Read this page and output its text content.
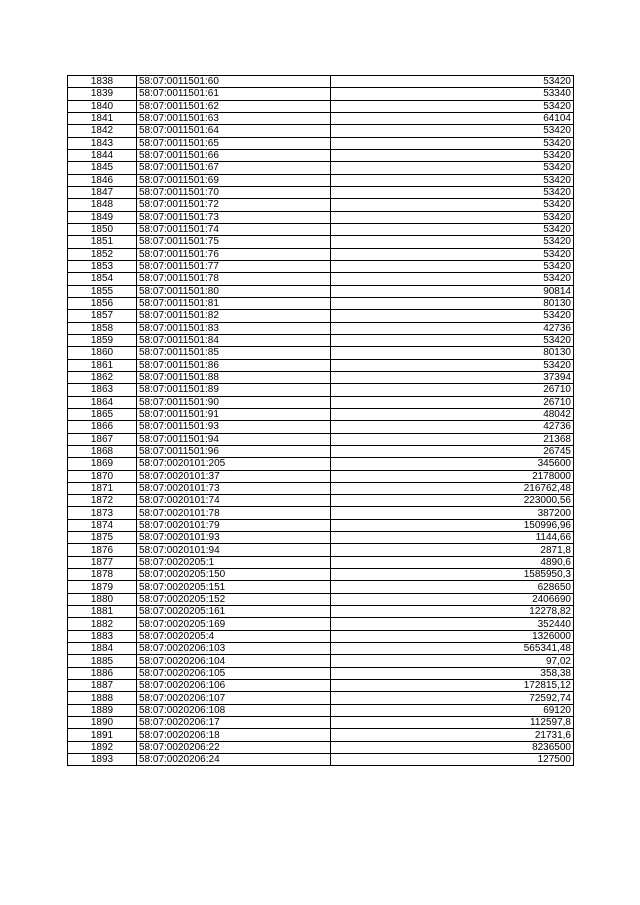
1838	58:07:0011501:60	53420
1839	58:07:0011501:61	53340
1840	58:07:0011501:62	53420
1841	58:07:0011501:63	64104
1842	58:07:0011501:64	53420
1843	58:07:0011501:65	53420
1844	58:07:0011501:66	53420
1845	58:07:0011501:67	53420
1846	58:07:0011501:69	53420
1847	58:07:0011501:70	53420
1848	58:07:0011501:72	53420
1849	58:07:0011501:73	53420
1850	58:07:0011501:74	53420
1851	58:07:0011501:75	53420
1852	58:07:0011501:76	53420
1853	58:07:0011501:77	53420
1854	58:07:0011501:78	53420
1855	58:07:0011501:80	90814
1856	58:07:0011501:81	80130
1857	58:07:0011501:82	53420
1858	58:07:0011501:83	42736
1859	58:07:0011501:84	53420
1860	58:07:0011501:85	80130
1861	58:07:0011501:86	53420
1862	58:07:0011501:88	37394
1863	58:07:0011501:89	26710
1864	58:07:0011501:90	26710
1865	58:07:0011501:91	48042
1866	58:07:0011501:93	42736
1867	58:07:0011501:94	21368
1868	58:07:0011501:96	26745
1869	58:07:0020101:205	345600
1870	58:07:0020101:37	2178000
1871	58:07:0020101:73	216762,48
1872	58:07:0020101:74	223000,56
1873	58:07:0020101:78	387200
1874	58:07:0020101:79	150996,96
1875	58:07:0020101:93	1144,66
1876	58:07:0020101:94	2871,8
1877	58:07:0020205:1	4890,6
1878	58:07:0020205:150	1585950,3
1879	58:07:0020205:151	628650
1880	58:07:0020205:152	2406690
1881	58:07:0020205:161	12278,82
1882	58:07:0020205:169	352440
1883	58:07:0020205:4	1326000
1884	58:07:0020206:103	565341,48
1885	58:07:0020206:104	97,02
1886	58:07:0020206:105	358,38
1887	58:07:0020206:106	172815,12
1888	58:07:0020206:107	72592,74
1889	58:07:0020206:108	69120
1890	58:07:0020206:17	112597,8
1891	58:07:0020206:18	21731,6
1892	58:07:0020206:22	8236500
1893	58:07:0020206:24	127500
